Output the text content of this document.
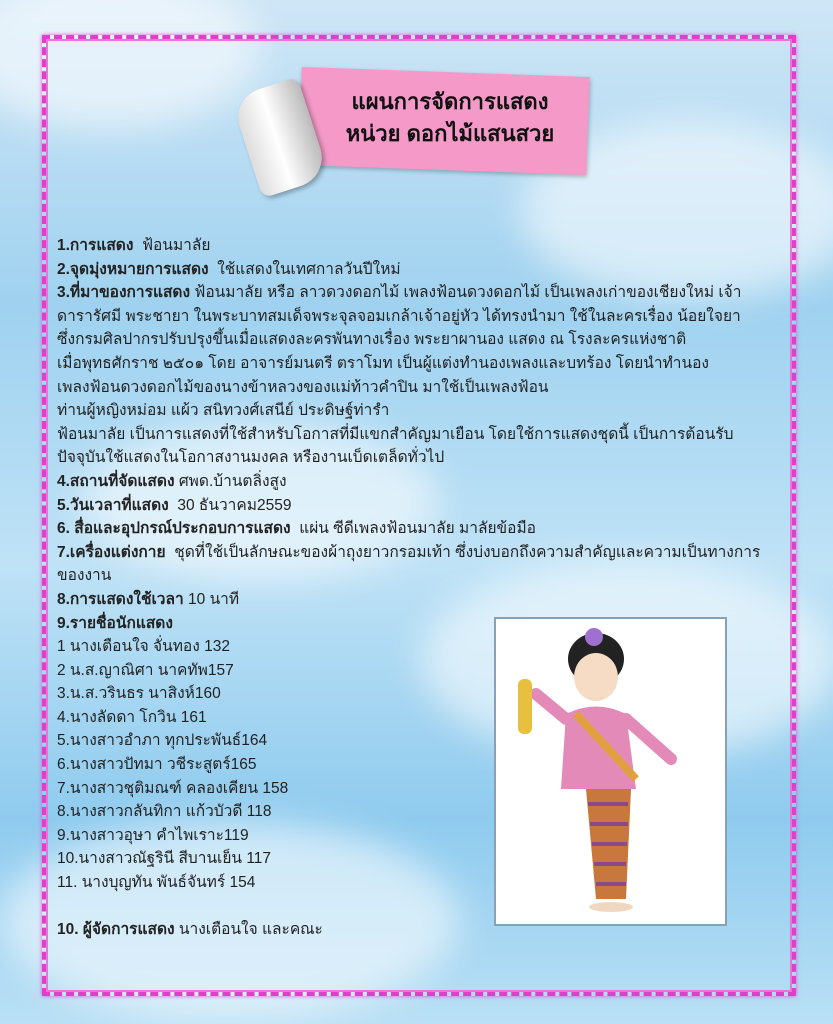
แผนการจัดการแสดง
หน่วย ดอกไม้แสนสวย
1.การแสดง ฟ้อนมาลัย
2.จุดมุ่งหมายการแสดง ใช้แสดงในเทศกาลวันปีใหม่
3.ที่มาของการแสดง ฟ้อนมาลัย หรือ ลาวดวงดอกไม้ เพลงฟ้อนดวงดอกไม้ เป็นเพลงเก่าของเชียงใหม่ เจ้า
ดารารัศมี พระชายา ในพระบาทสมเด็จพระจุลจอมเกล้าเจ้าอยู่หัว ได้ทรงนำมา ใช้ในละครเรื่อง น้อยใจยา
ซึ่งกรมศิลปากรปรับปรุงขึ้นเมื่อแสดงละครพันทางเรื่อง พระยาผานอง แสดง ณ โรงละครแห่งชาติ
เมื่อพุทธศักราช ๒๕๐๑ โดย อาจารย์มนตรี ตราโมท เป็นผู้แต่งทำนองเพลงและบทร้อง โดยนำทำนอง
เพลงฟ้อนดวงดอกไม้ของนางข้าหลวงของแม่ท้าวคำปิน มาใช้เป็นเพลงฟ้อน
ท่านผู้หญิงหม่อม แผ้ว สนิทวงศ์เสนีย์ ประดิษฐ์ท่ารำ
ฟ้อนมาลัย เป็นการแสดงที่ใช้สำหรับโอกาสที่มีแขกสำคัญมาเยือน โดยใช้การแสดงชุดนี้ เป็นการต้อนรับ
ปัจจุบันใช้แสดงในโอกาสงานมงคล หรืองานเบ็ดเตล็ดทั่วไป
4.สถานที่จัดแสดง ศพด.บ้านตลิ่งสูง
5.วันเวลาที่แสดง 30 ธันวาคม2559
6. สื่อและอุปกรณ์ประกอบการแสดง แผ่น ซีดีเพลงฟ้อนมาลัย มาลัยข้อมือ
7.เครื่องแต่งกาย ชุดที่ใช้เป็นลักษณะของผ้าถุงยาวกรอมเท้า ซึ่งบ่งบอกถึงความสำคัญและความเป็นทางการ
ของงาน
8.การแสดงใช้เวลา 10 นาที
9.รายชื่อนักแสดง
1 นางเตือนใจ จั่นทอง 132
2 น.ส.ญาณิศา นาคทัพ157
3.น.ส.วรินธร นาสิงห์160
4.นางลัดดา โกวิน 161
5.นางสาวอำภา ทุกประพันธ์164
6.นางสาวปัทมา วชีระสูตร์165
7.นางสาวชุติมณฑ์ คลองเคียน 158
8.นางสาวกลันทิกา แก้วบัวดี 118
9.นางสาวอุษา คำไพเราะ119
10.นางสาวณัฐรินี สีบานเย็น 117
11. นางบุญทัน พันธ์จันทร์ 154
10. ผู้จัดการแสดง นางเตือนใจ และคณะ
